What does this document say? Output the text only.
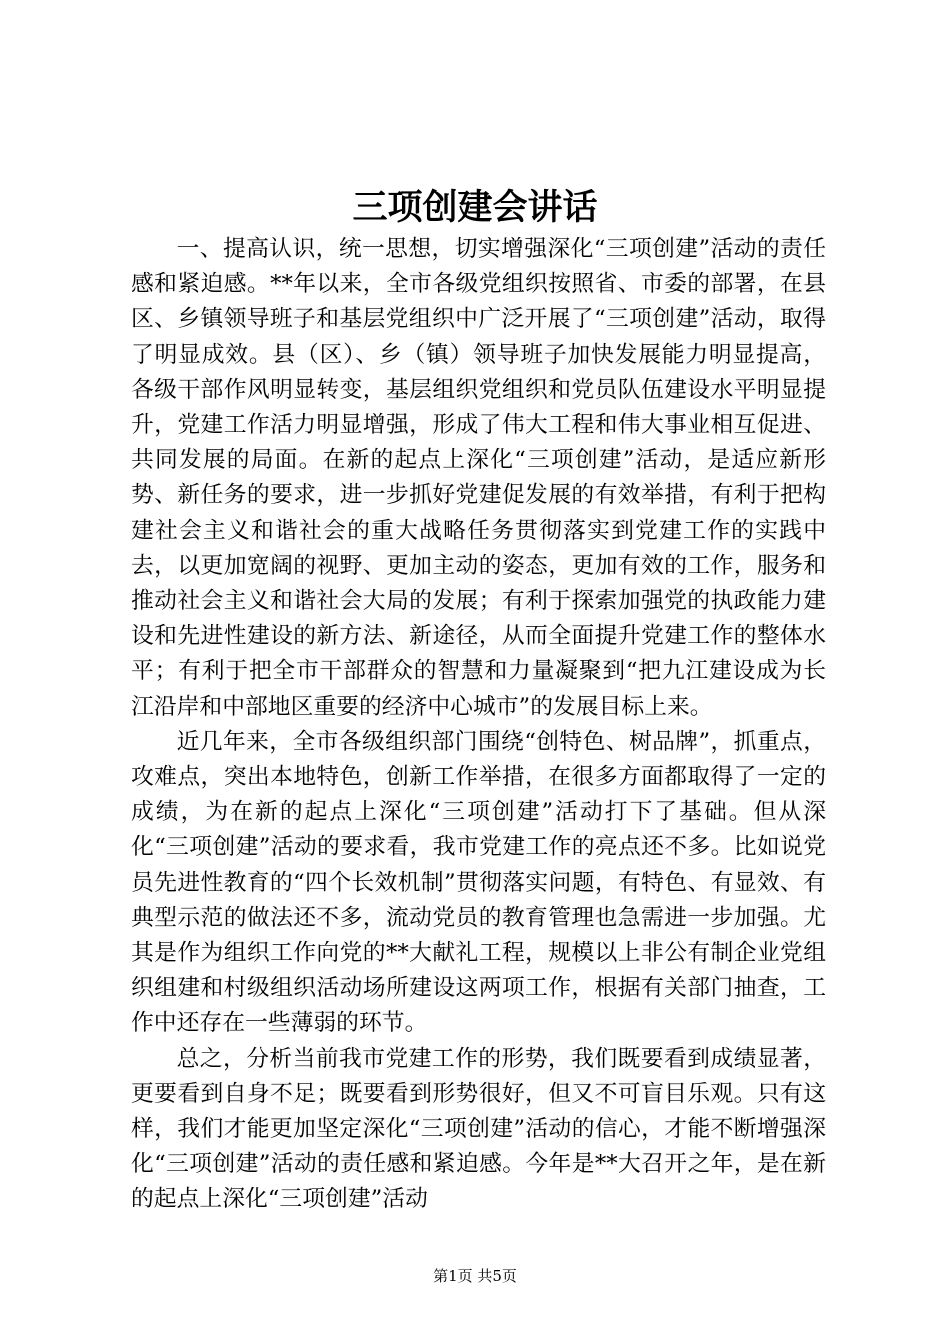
三项创建会讲话

一、提高认识，统一思想，切实增强深化“三项创建”活动的责任感和紧迫感。**年以来，全市各级党组织按照省、市委的部署，在县区、乡镇领导班子和基层党组织中广泛开展了“三项创建”活动，取得了明显成效。县（区）、乡（镇）领导班子加快发展能力明显提高，各级干部作风明显转变，基层组织党组织和党员队伍建设水平明显提升，党建工作活力明显增强，形成了伟大工程和伟大事业相互促进、共同发展的局面。在新的起点上深化“三项创建”活动，是适应新形势、新任务的要求，进一步抓好党建促发展的有效举措，有利于把构建社会主义和谐社会的重大战略任务贯彻落实到党建工作的实践中去，以更加宽阔的视野、更加主动的姿态，更加有效的工作，服务和推动社会主义和谐社会大局的发展；有利于探索加强党的执政能力建设和先进性建设的新方法、新途径，从而全面提升党建工作的整体水平；有利于把全市干部群众的智慧和力量凝聚到“把九江建设成为长江沿岸和中部地区重要的经济中心城市”的发展目标上来。

近几年来，全市各级组织部门围绕“创特色、树品牌”，抓重点，攻难点，突出本地特色，创新工作举措，在很多方面都取得了一定的成绩，为在新的起点上深化“三项创建”活动打下了基础。但从深化“三项创建”活动的要求看，我市党建工作的亮点还不多。比如说党员先进性教育的“四个长效机制”贯彻落实问题，有特色、有显效、有典型示范的做法还不多，流动党员的教育管理也急需进一步加强。尤其是作为组织工作向党的**大献礼工程，规模以上非公有制企业党组织组建和村级组织活动场所建设这两项工作，根据有关部门抽查，工作中还存在一些薄弱的环节。

总之，分析当前我市党建工作的形势，我们既要看到成绩显著，更要看到自身不足；既要看到形势很好，但又不可盲目乐观。只有这样，我们才能更加坚定深化“三项创建”活动的信心，才能不断增强深化“三项创建”活动的责任感和紧迫感。今年是**大召开之年，是在新的起点上深化“三项创建”活动

第1页 共5页
